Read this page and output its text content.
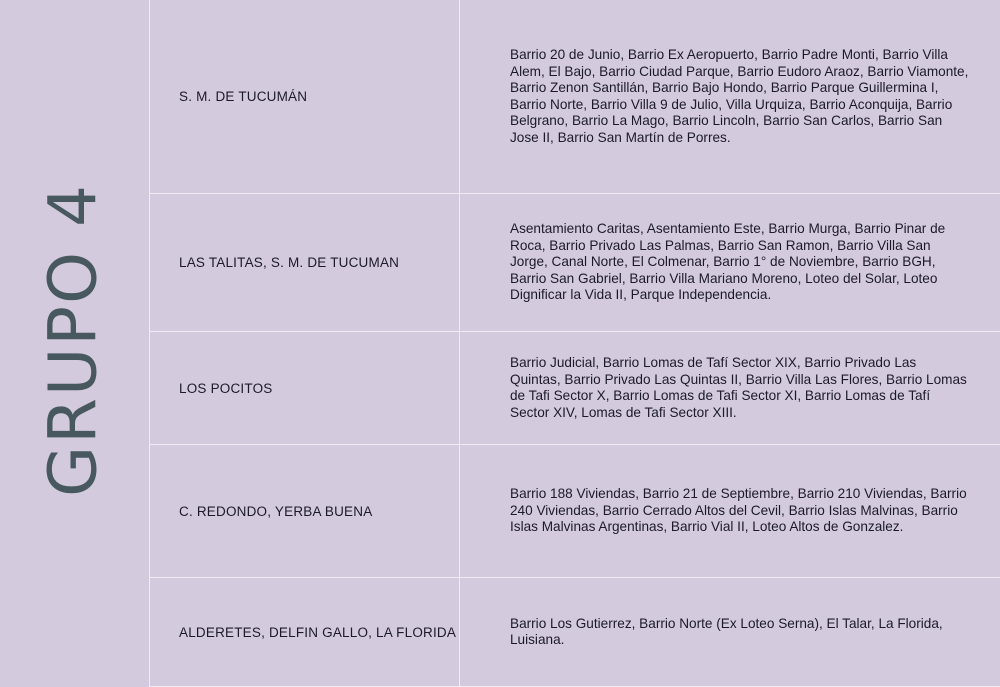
GRUPO 4
S. M. DE TUCUMÁN

Barrio 20 de Junio, Barrio Ex Aeropuerto, Barrio Padre Monti, Barrio Villa Alem, El Bajo, Barrio Ciudad Parque, Barrio Eudoro Araoz, Barrio Viamonte, Barrio Zenon Santillán, Barrio Bajo Hondo, Barrio Parque Guillermina I, Barrio Norte, Barrio Villa 9 de Julio, Villa Urquiza, Barrio Aconquija, Barrio Belgrano, Barrio La Mago, Barrio Lincoln, Barrio San Carlos, Barrio San Jose II, Barrio San Martín de Porres.

LAS TALITAS, S. M. DE TUCUMAN

Asentamiento Caritas, Asentamiento Este, Barrio Murga, Barrio Pinar de Roca, Barrio Privado Las Palmas, Barrio San Ramon, Barrio Villa San Jorge, Canal Norte, El Colmenar, Barrio 1° de Noviembre, Barrio BGH, Barrio San Gabriel, Barrio Villa Mariano Moreno, Loteo del Solar, Loteo Dignificar la Vida II, Parque Independencia.

LOS POCITOS

Barrio Judicial, Barrio Lomas de Tafí Sector XIX, Barrio Privado Las Quintas, Barrio Privado Las Quintas II, Barrio Villa Las Flores, Barrio Lomas de Tafi Sector X, Barrio Lomas de Tafi Sector XI, Barrio Lomas de Tafí Sector XIV, Lomas de Tafi Sector XIII.

C. REDONDO, YERBA BUENA

Barrio 188 Viviendas, Barrio 21 de Septiembre, Barrio 210 Viviendas, Barrio 240 Viviendas, Barrio Cerrado Altos del Cevil, Barrio Islas Malvinas, Barrio Islas Malvinas Argentinas, Barrio Vial II, Loteo Altos de Gonzalez.

ALDERETES, DELFIN GALLO, LA FLORIDA

Barrio Los Gutierrez, Barrio Norte (Ex Loteo Serna), El Talar, La Florida, Luisiana.
